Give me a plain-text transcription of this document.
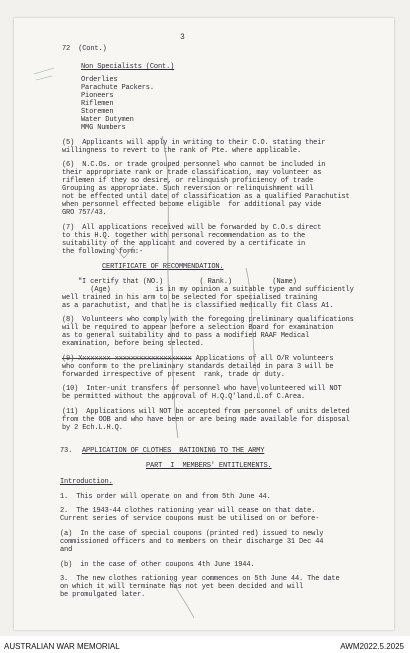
3
72  (Cont.)
Non Specialists (Cont.)
Orderlies
Parachute Packers.
Pioneers
Riflemen
Storemen
Water Dutymen
MMG Numbers
(5)  Applicants will apply in writing to their C.O. stating their
willingness to revert to the rank of Pte. where applicable.
(6)  N.C.Os. or trade grouped personnel who cannot be included in
their appropriate rank or trade classification, may volunteer as
riflemen if they so desire, or relinquish proficiency of trade
Grouping as appropriate. Such reversion or relinquishment will
not be effected until date of classification as a qualified Parachutist
when personnel effected become eligible  for additional pay vide
GRO 757/43.
(7)  All applications received will be forwarded by C.O.s direct
to this H.Q. together with personal recommendation as to the
suitability of the applicant and covered by a certificate in
the following form:-
CERTIFICATE OF RECOMMENDATION.
"I certify that (NO.)         ( Rank.)          (Name)
(Age)           is in my opinion a suitable type and sufficiently
well trained in his arm to be selected for specialised training
as a parachutist, and that he is classified medically fit Class A1.
(8)  Volunteers who comply with the foregoing preliminary qualifications
will be required to appear before a selection Board for examination
as to general suitability and to pass a modified RAAF Medical
examination, before being selected.
(9) Xxxxxxxx xxxxxxxxxxxxxxxxxxx Applications of all O/R volunteers
who conform to the preliminary standards detailed in para 3 will be
forwarded irrespective of present  rank, trade or duty.
(10)  Inter-unit transfers of personnel who have volunteered will NOT
be permitted without the approval of H.Q.Q'land.L.of C.Area.
(11)  Applications will NOT be accepted from personnel of units deleted
from the OOB and who have been or are being made available for disposal
by 2 Ech.L.H.Q.
73. APPLICATION OF CLOTHES  RATIONING TO THE ARMY
PART  I  MEMBERS' ENTITLEMENTS.
Introduction.
1.  This order will operate on and from 5th June 44.
2.  The 1943-44 clothes rationing year will cease on that date.
Current series of service coupons must be utilised on or before-
(a)  In the case of special coupons (printed red) issued to newly
commissioned officers and to members on their discharge 31 Dec 44
and
(b)  in the case of other coupons 4th June 1944.
3.  The new clothes rationing year commences on 5th June 44. The date
on which it will terminate has not yet been decided and will
be promulgated later.
AUSTRALIAN WAR MEMORIAL	AWM2022.5.2025
